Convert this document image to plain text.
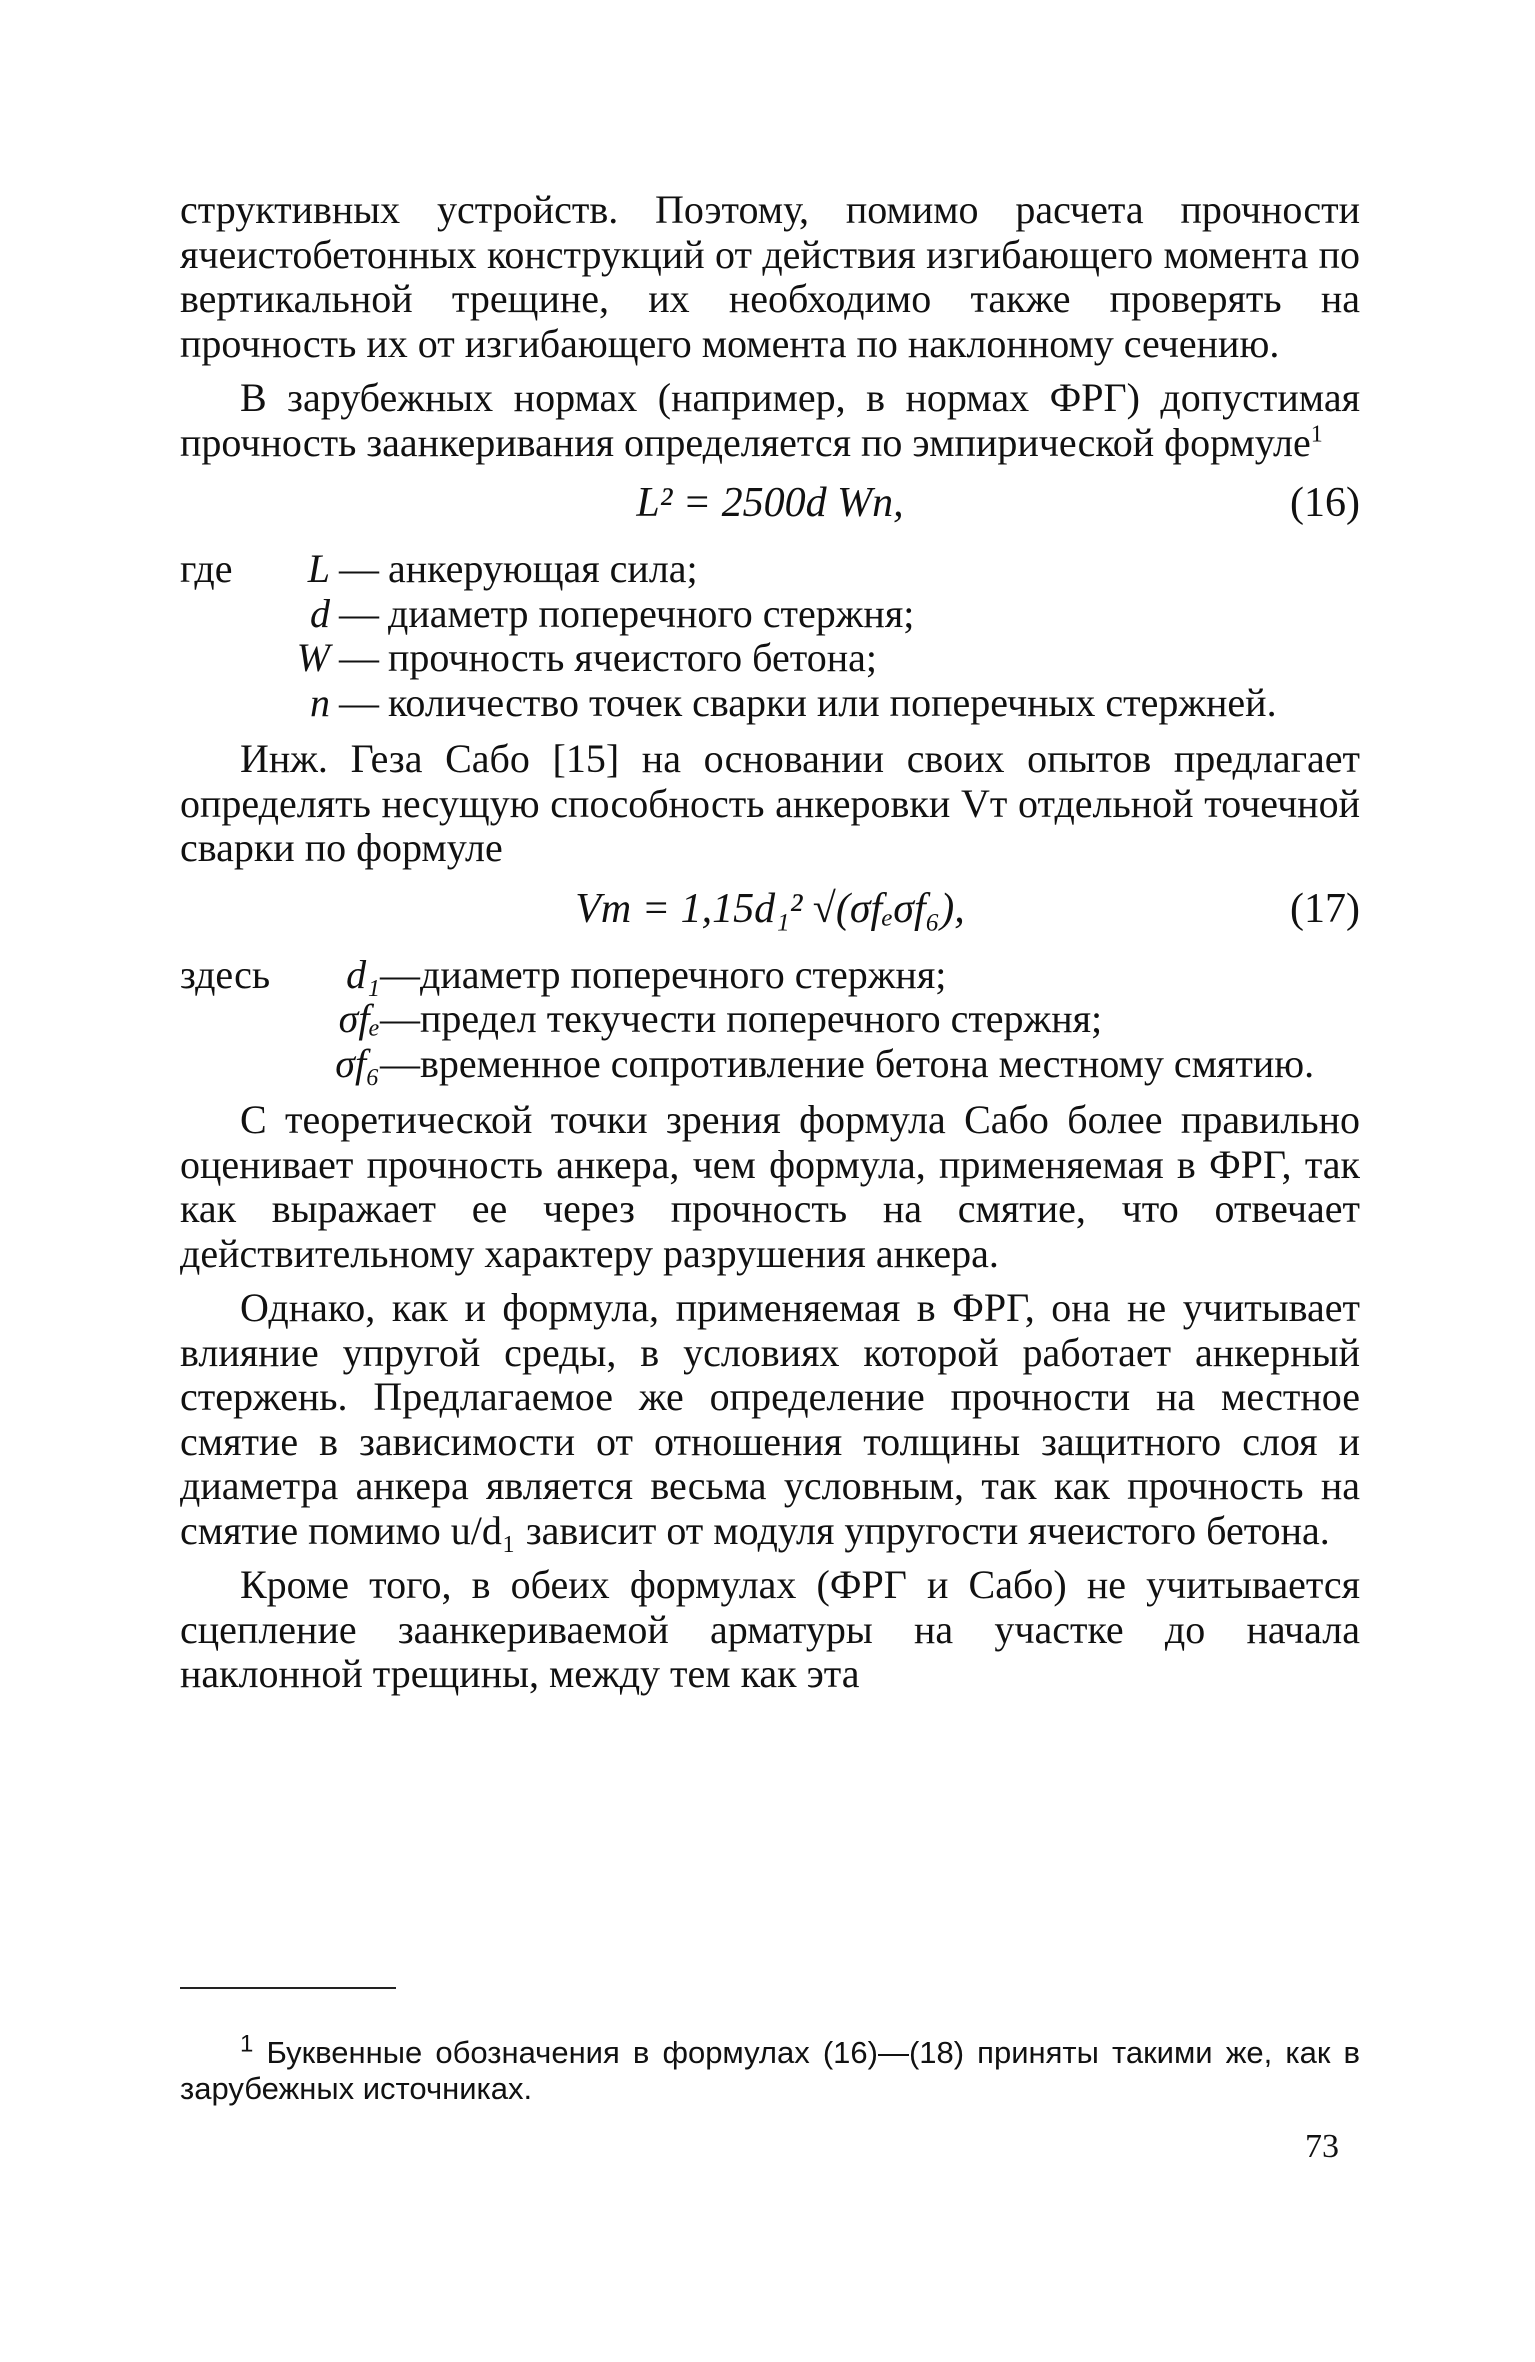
структивных устройств. Поэтому, помимо расчета прочности ячеистобетонных конструкций от действия изгибающего момента по вертикальной трещине, их необходимо также проверять на прочность их от изгибающего момента по наклонному сечению.

В зарубежных нормах (например, в нормах ФРГ) допустимая прочность заанкеривания определяется по эмпирической формуле$^1$

L² = 2500d Wn,	(16)
где	L — анкерующая сила;
d — диаметр поперечного стержня;
W — прочность ячеистого бетона;
n — количество точек сварки или поперечных стержней.

Инж. Геза Сабо [15] на основании своих опытов предлагает определять несущую способность анкеровки Vт отдельной точечной сварки по формуле

Vт = 1,15d₁² √(σfₑσf₆),	(17)
здесь	d₁ — диаметр поперечного стержня;
σfₑ — предел текучести поперечного стержня;
σf₆ — временное сопротивление бетона местному смятию.

С теоретической точки зрения формула Сабо более правильно оценивает прочность анкера, чем формула, применяемая в ФРГ, так как выражает ее через прочность на смятие, что отвечает действительному характеру разрушения анкера.

Однако, как и формула, применяемая в ФРГ, она не учитывает влияние упругой среды, в условиях которой работает анкерный стержень. Предлагаемое же определение прочности на местное смятие в зависимости от отношения толщины защитного слоя и диаметра анкера является весьма условным, так как прочность на смятие помимо u/d₁ зависит от модуля упругости ячеистого бетона.

Кроме того, в обеих формулах (ФРГ и Сабо) не учитывается сцепление заанкериваемой арматуры на участке до начала наклонной трещины, между тем как эта

$^1$ Буквенные обозначения в формулах (16)—(18) приняты такими же, как в зарубежных источниках.

73
